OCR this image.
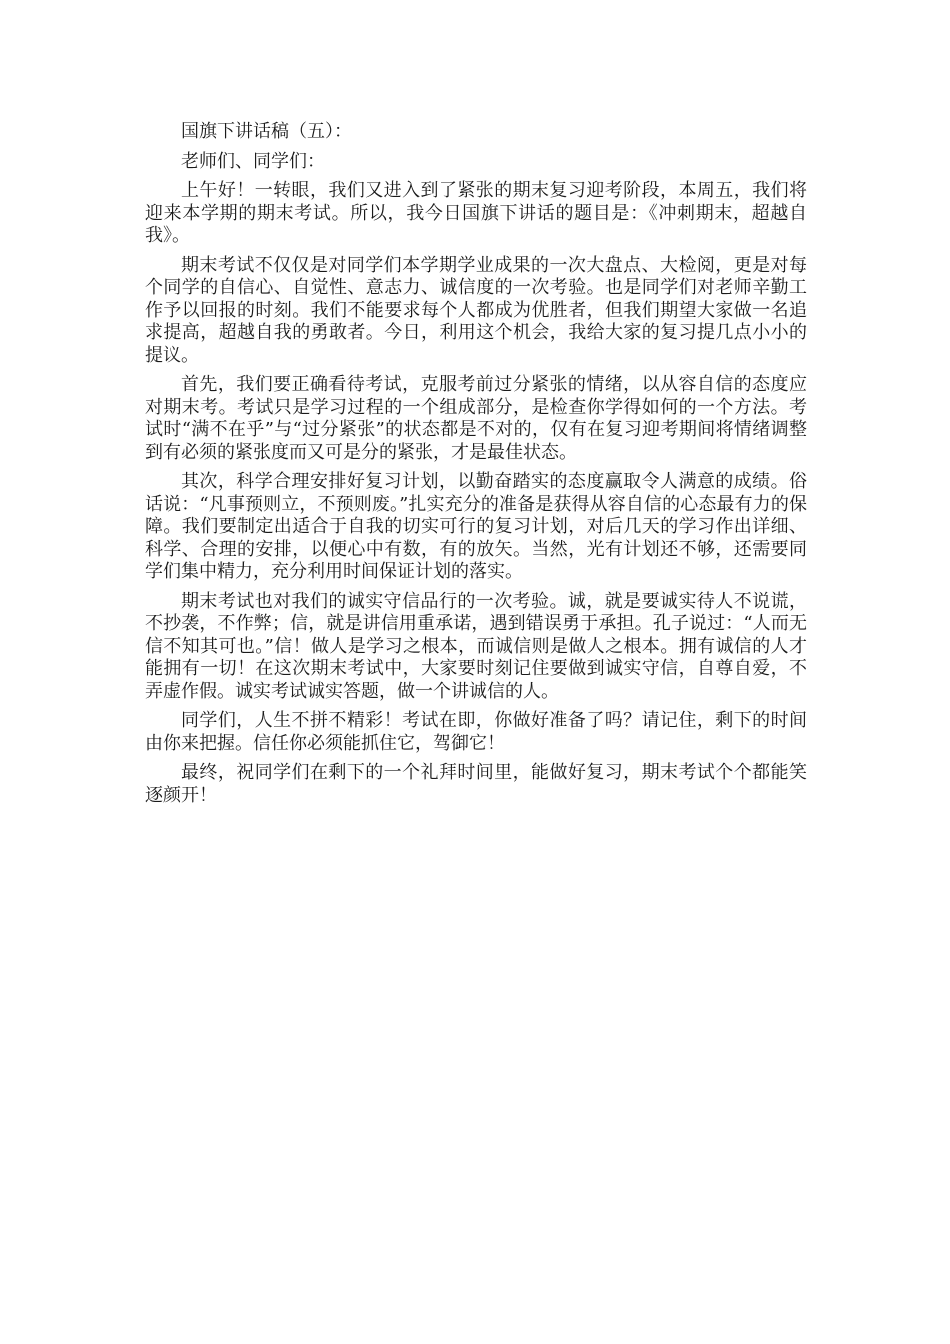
国旗下讲话稿（五）：

老师们、同学们：

上午好！一转眼，我们又进入到了紧张的期末复习迎考阶段，本周五，我们将迎来本学期的期末考试。所以，我今日国旗下讲话的题目是：《冲刺期末，超越自我》。

期末考试不仅仅是对同学们本学期学业成果的一次大盘点、大检阅，更是对每个同学的自信心、自觉性、意志力、诚信度的一次考验。也是同学们对老师辛勤工作予以回报的时刻。我们不能要求每个人都成为优胜者，但我们期望大家做一名追求提高，超越自我的勇敢者。今日，利用这个机会，我给大家的复习提几点小小的提议。

首先，我们要正确看待考试，克服考前过分紧张的情绪，以从容自信的态度应对期末考。考试只是学习过程的一个组成部分，是检查你学得如何的一个方法。考试时“满不在乎”与“过分紧张”的状态都是不对的，仅有在复习迎考期间将情绪调整到有必须的紧张度而又可是分的紧张，才是最佳状态。

其次，科学合理安排好复习计划，以勤奋踏实的态度赢取令人满意的成绩。俗话说：“凡事预则立，不预则废。”扎实充分的准备是获得从容自信的心态最有力的保障。我们要制定出适合于自我的切实可行的复习计划，对后几天的学习作出详细、科学、合理的安排，以便心中有数，有的放矢。当然，光有计划还不够，还需要同学们集中精力，充分利用时间保证计划的落实。

期末考试也对我们的诚实守信品行的一次考验。诚，就是要诚实待人不说谎，不抄袭，不作弊；信，就是讲信用重承诺，遇到错误勇于承担。孔子说过：“人而无信不知其可也。”信！做人是学习之根本，而诚信则是做人之根本。拥有诚信的人才能拥有一切！在这次期末考试中，大家要时刻记住要做到诚实守信，自尊自爱，不弄虚作假。诚实考试诚实答题，做一个讲诚信的人。

同学们，人生不拼不精彩！考试在即，你做好准备了吗？请记住，剩下的时间由你来把握。信任你必须能抓住它，驾御它！

最终，祝同学们在剩下的一个礼拜时间里，能做好复习，期末考试个个都能笑逐颜开！
